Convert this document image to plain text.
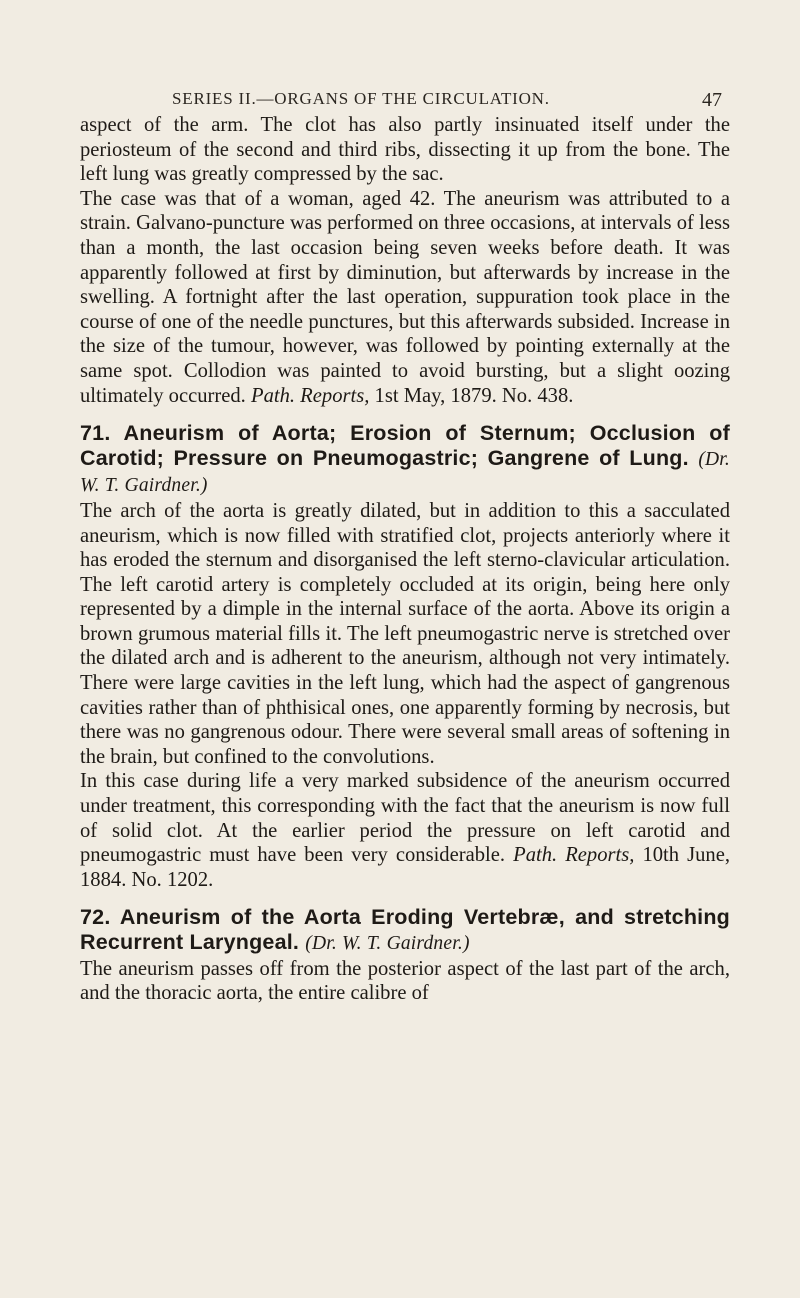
SERIES II.—ORGANS OF THE CIRCULATION.	47

aspect of the arm. The clot has also partly insinuated itself under the periosteum of the second and third ribs, dissecting it up from the bone. The left lung was greatly compressed by the sac.

The case was that of a woman, aged 42. The aneurism was attributed to a strain. Galvano-puncture was performed on three occasions, at intervals of less than a month, the last occasion being seven weeks before death. It was apparently followed at first by diminution, but afterwards by increase in the swelling. A fortnight after the last operation, suppuration took place in the course of one of the needle punctures, but this afterwards subsided. Increase in the size of the tumour, however, was followed by pointing externally at the same spot. Collodion was painted to avoid bursting, but a slight oozing ultimately occurred. Path. Reports, 1st May, 1879. No. 438.

71. Aneurism of Aorta; Erosion of Sternum; Occlusion of Carotid; Pressure on Pneumogastric; Gangrene of Lung. (Dr. W. T. Gairdner.)

The arch of the aorta is greatly dilated, but in addition to this a sacculated aneurism, which is now filled with stratified clot, projects anteriorly where it has eroded the sternum and disorganised the left sterno-clavicular articulation. The left carotid artery is completely occluded at its origin, being here only represented by a dimple in the internal surface of the aorta. Above its origin a brown grumous material fills it. The left pneumogastric nerve is stretched over the dilated arch and is adherent to the aneurism, although not very intimately. There were large cavities in the left lung, which had the aspect of gangrenous cavities rather than of phthisical ones, one apparently forming by necrosis, but there was no gangrenous odour. There were several small areas of softening in the brain, but confined to the convolutions.

In this case during life a very marked subsidence of the aneurism occurred under treatment, this corresponding with the fact that the aneurism is now full of solid clot. At the earlier period the pressure on left carotid and pneumogastric must have been very considerable. Path. Reports, 10th June, 1884. No. 1202.

72. Aneurism of the Aorta Eroding Vertebræ, and stretching Recurrent Laryngeal. (Dr. W. T. Gairdner.)

The aneurism passes off from the posterior aspect of the last part of the arch, and the thoracic aorta, the entire calibre of
